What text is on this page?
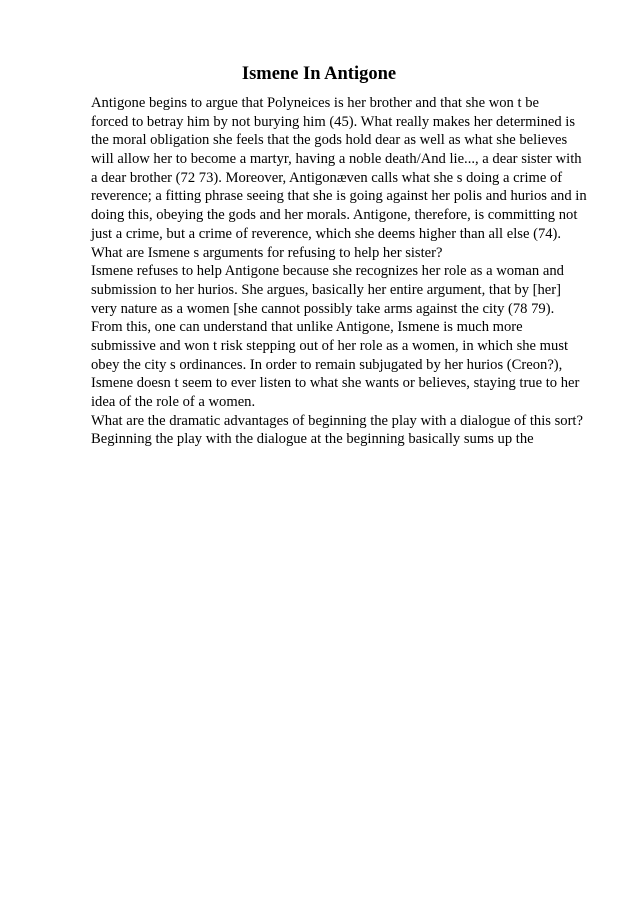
Ismene In Antigone
Antigone begins to argue that Polyneices is her brother and that she won t be
forced to betray him by not burying him (45). What really makes her determined is
the moral obligation she feels that the gods hold dear as well as what she believes
will allow her to become a martyr, having a noble death/And lie..., a dear sister with
a dear brother (72 73). Moreover, Antigonæven calls what she s doing a crime of
reverence; a fitting phrase seeing that she is going against her polis and hurios and in
doing this, obeying the gods and her morals. Antigone, therefore, is committing not
just a crime, but a crime of reverence, which she deems higher than all else (74).
What are Ismene s arguments for refusing to help her sister?
Ismene refuses to help Antigone because she recognizes her role as a woman and
submission to her hurios. She argues, basically her entire argument, that by [her]
very nature as a women [she cannot possibly take arms against the city (78 79).
From this, one can understand that unlike Antigone, Ismene is much more
submissive and won t risk stepping out of her role as a women, in which she must
obey the city s ordinances. In order to remain subjugated by her hurios (Creon?),
Ismene doesn t seem to ever listen to what she wants or believes, staying true to her
idea of the role of a women.
What are the dramatic advantages of beginning the play with a dialogue of this sort?
Beginning the play with the dialogue at the beginning basically sums up the
